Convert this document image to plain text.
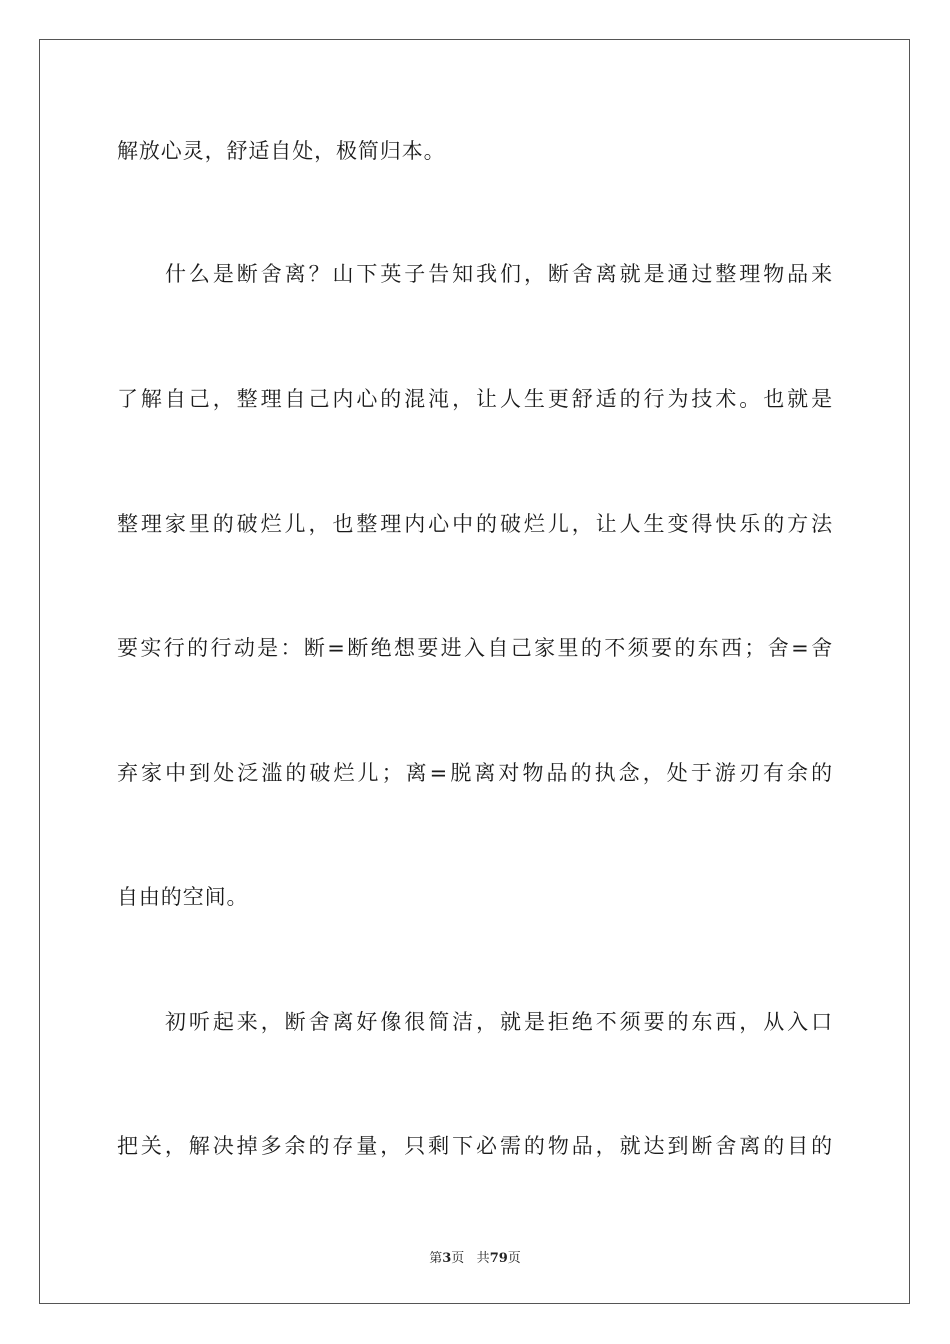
解放心灵，舒适自处，极简归本。
什么是断舍离？山下英子告知我们，断舍离就是通过整理物品来
了解自己，整理自己内心的混沌，让人生更舒适的行为技术。也就是
整理家里的破烂儿，也整理内心中的破烂儿，让人生变得快乐的方法
要实行的行动是：断=断绝想要进入自己家里的不须要的东西；舍=舍
弃家中到处泛滥的破烂儿；离=脱离对物品的执念，处于游刃有余的
自由的空间。
初听起来，断舍离好像很简洁，就是拒绝不须要的东西，从入口
把关，解决掉多余的存量，只剩下必需的物品，就达到断舍离的目的
第3页 共79页
